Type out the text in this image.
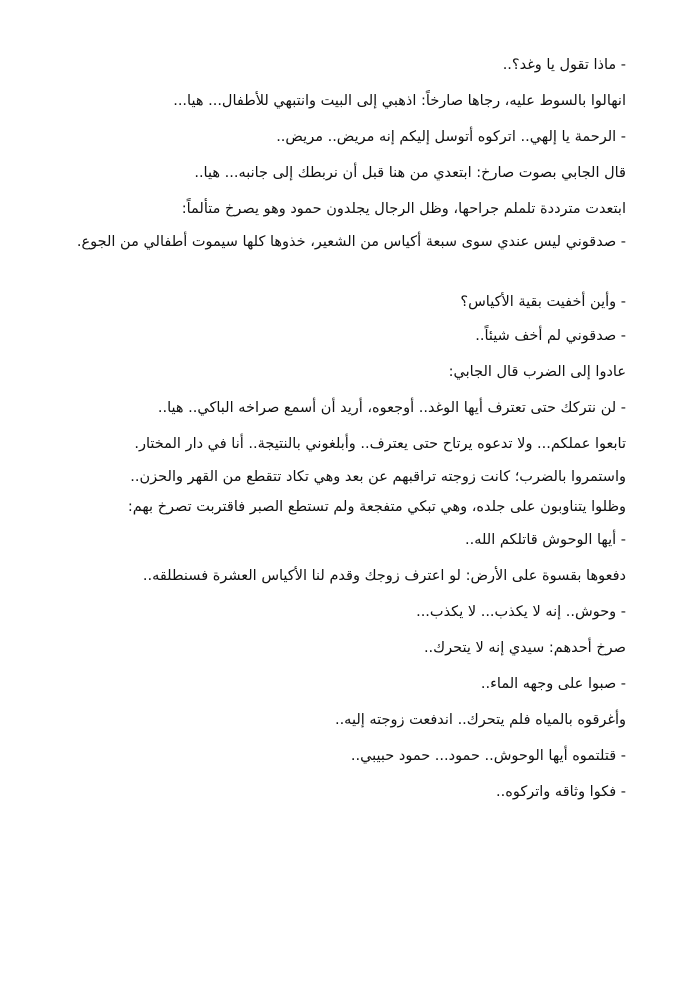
- ماذا تقول يا وغد؟..
انهالوا بالسوط عليه، رجاها صارخاً: اذهبي إلى البيت وانتبهي للأطفال... هيا...
- الرحمة يا إلهي.. اتركوه أتوسل إليكم إنه مريض.. مريض..
قال الجابي بصوت صارخ: ابتعدي من هنا قبل أن نربطك إلى جانبه... هيا..
ابتعدت مترددة تلملم جراحها، وظل الرجال يجلدون حمود وهو يصرخ متألماً:
- صدقوني ليس عندي سوى سبعة أكياس من الشعير، خذوها كلها سيموت أطفالي من الجوع.
- وأين أخفيت بقية الأكياس؟
- صدقوني لم أخف شيئاً..
عادوا إلى الضرب قال الجابي:
- لن نتركك حتى تعترف أيها الوغد.. أوجعوه، أريد أن أسمع صراخه الباكي.. هيا..
تابعوا عملكم... ولا تدعوه يرتاح حتى يعترف.. وأبلغوني بالنتيجة.. أنا في دار المختار.
واستمروا بالضرب؛ كانت زوجته تراقبهم عن بعد وهي تكاد تتقطع من القهر والحزن..
وظلوا يتناوبون على جلده، وهي تبكي متفجعة ولم تستطع الصبر فاقتربت تصرخ بهم:
- أيها الوحوش قاتلكم الله..
دفعوها بقسوة على الأرض: لو اعترف زوجك وقدم لنا الأكياس العشرة فسنطلقه..
- وحوش.. إنه لا يكذب... لا يكذب...
صرخ أحدهم: سيدي إنه لا يتحرك..
- صبوا على وجهه الماء..
وأغرقوه بالمياه فلم يتحرك.. اندفعت زوجته إليه..
- قتلتموه أيها الوحوش.. حمود... حمود حبيبي..
- فكوا وثاقه واتركوه..
